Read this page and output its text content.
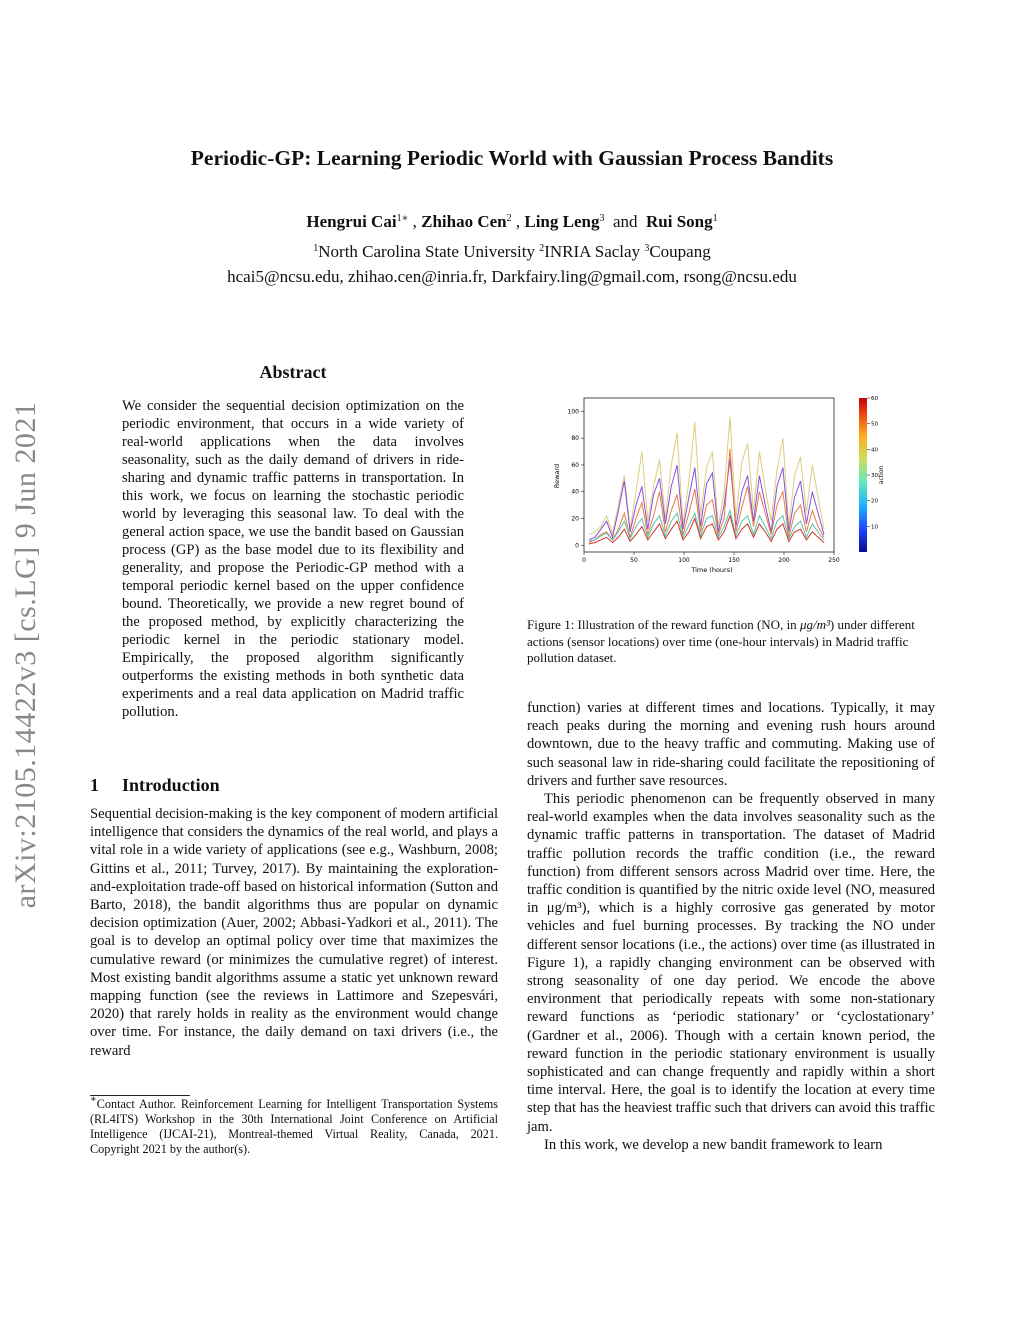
Periodic-GP: Learning Periodic World with Gaussian Process Bandits
Hengrui Cai$^{1∗}$ , Zhihao Cen$^2$ , Ling Leng$^3$ and Rui Song$^1$
$^1$North Carolina State University $^2$INRIA Saclay $^3$Coupang
hcai5@ncsu.edu, zhihao.cen@inria.fr, Darkfairy.ling@gmail.com, rsong@ncsu.edu
arXiv:2105.14422v3 [cs.LG] 9 Jun 2021
Abstract

We consider the sequential decision optimization on the periodic environment, that occurs in a wide variety of real-world applications when the data involves seasonality, such as the daily demand of drivers in ride-sharing and dynamic traffic patterns in transportation. In this work, we focus on learning the stochastic periodic world by leveraging this seasonal law. To deal with the general action space, we use the bandit based on Gaussian process (GP) as the base model due to its flexibility and generality, and propose the Periodic-GP method with a temporal periodic kernel based on the upper confidence bound. Theoretically, we provide a new regret bound of the proposed method, by explicitly characterizing the periodic kernel in the periodic stationary model. Empirically, the proposed algorithm significantly outperforms the existing methods in both synthetic data experiments and a real data application on Madrid traffic pollution.

1 Introduction

Sequential decision-making is the key component of modern artificial intelligence that considers the dynamics of the real world, and plays a vital role in a wide variety of applications (see e.g., Washburn, 2008; Gittins et al., 2011; Turvey, 2017). By maintaining the exploration-and-exploitation trade-off based on historical information (Sutton and Barto, 2018), the bandit algorithms thus are popular on dynamic decision optimization (Auer, 2002; Abbasi-Yadkori et al., 2011). The goal is to develop an optimal policy over time that maximizes the cumulative reward (or minimizes the cumulative regret) of interest. Most existing bandit algorithms assume a static yet unknown reward mapping function (see the reviews in Lattimore and Szepesvári, 2020) that rarely holds in reality as the environment would change over time. For instance, the daily demand on taxi drivers (i.e., the reward

∗Contact Author. Reinforcement Learning for Intelligent Transportation Systems (RL4ITS) Workshop in the 30th International Joint Conference on Artificial Intelligence (IJCAI-21), Montreal-themed Virtual Reality, Canada, 2021. Copyright 2021 by the author(s).
0	50	100	150	200	250
0
20
40
60
80
100
10
20
30
40
50
60
action
Time (hours)
Reward
Figure 1: Illustration of the reward function (NO, in μg/m³) under different actions (sensor locations) over time (one-hour intervals) in Madrid traffic pollution dataset.

function) varies at different times and locations. Typically, it may reach peaks during the morning and evening rush hours around downtown, due to the heavy traffic and commuting. Making use of such seasonal law in ride-sharing could facilitate the repositioning of drivers and further save resources.

This periodic phenomenon can be frequently observed in many real-world examples when the data involves seasonality such as the dynamic traffic patterns in transportation. The dataset of Madrid traffic pollution records the traffic condition (i.e., the reward function) from different sensors across Madrid over time. Here, the traffic condition is quantified by the nitric oxide level (NO, measured in μg/m³), which is a highly corrosive gas generated by motor vehicles and fuel burning processes. By tracking the NO under different sensor locations (i.e., the actions) over time (as illustrated in Figure 1), a rapidly changing environment can be observed with strong seasonality of one day period. We encode the above environment that periodically repeats with some non-stationary reward functions as ‘periodic stationary’ or ‘cyclostationary’ (Gardner et al., 2006). Though with a certain known period, the reward function in the periodic stationary environment is usually sophisticated and can change frequently and rapidly within a short time interval. Here, the goal is to identify the location at every time step that has the heaviest traffic such that drivers can avoid this traffic jam.

In this work, we develop a new bandit framework to learn
